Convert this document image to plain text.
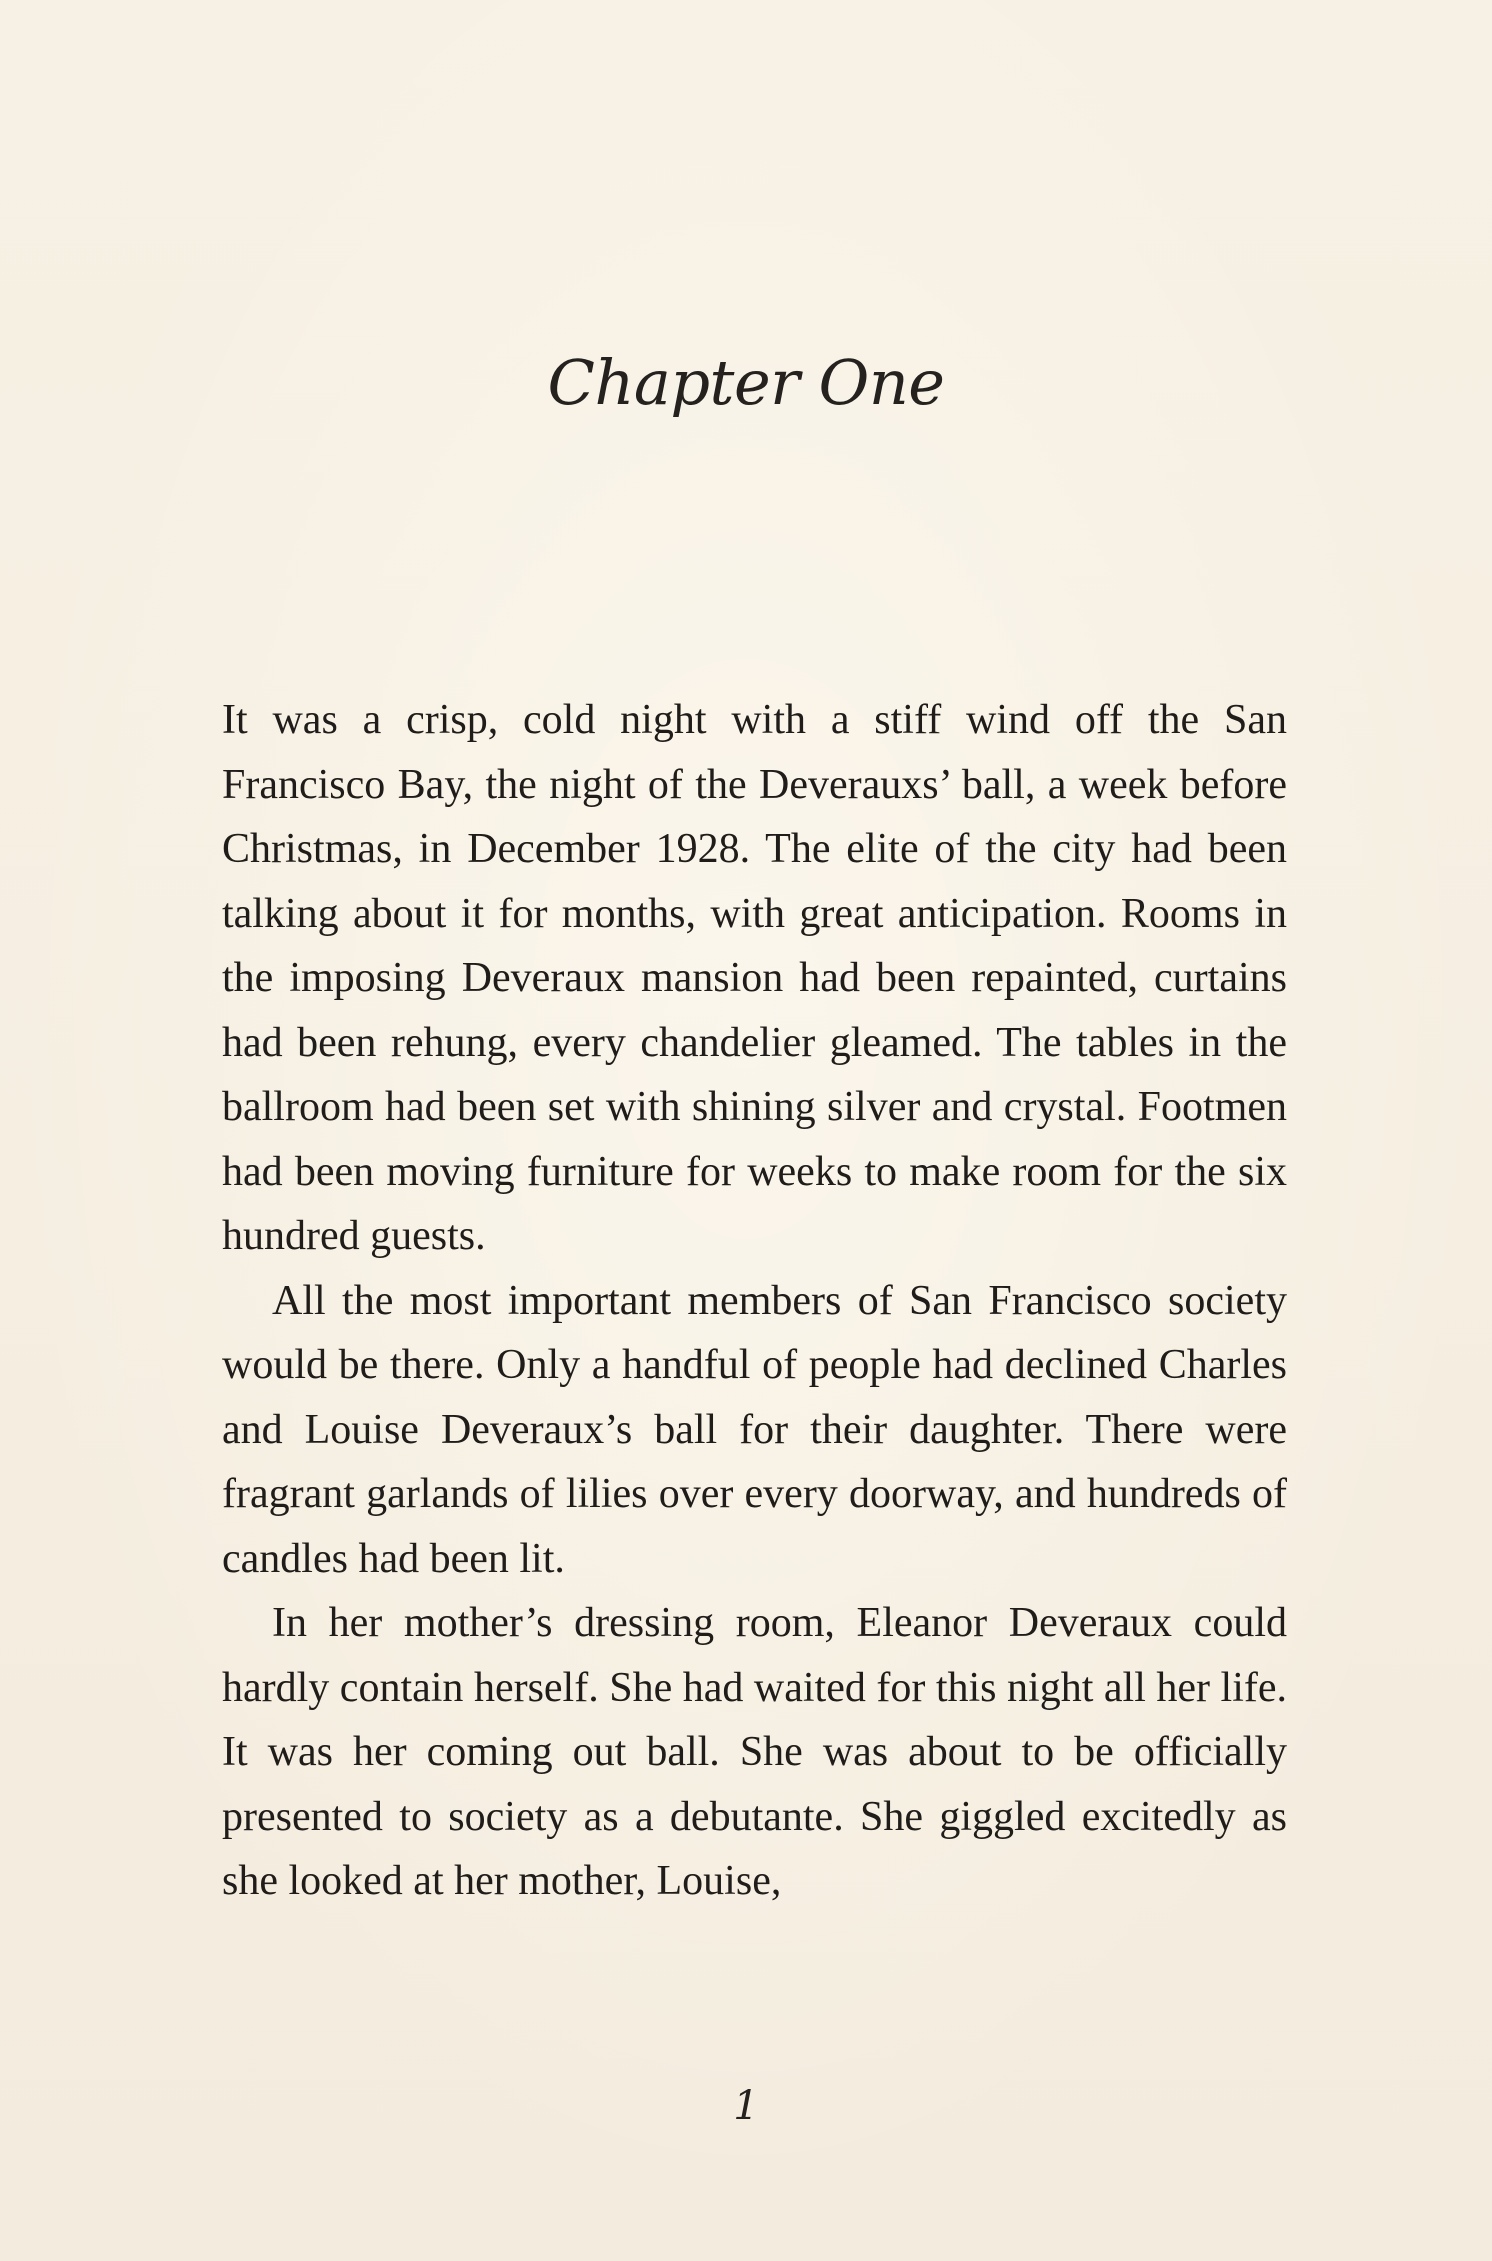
Chapter One

It was a crisp, cold night with a stiff wind off the San Francisco Bay, the night of the Deverauxs’ ball, a week before Christmas, in December 1928. The elite of the city had been talking about it for months, with great anticipation. Rooms in the imposing Deveraux mansion had been repainted, curtains had been rehung, every chandelier gleamed. The tables in the ballroom had been set with shining silver and crystal. Footmen had been moving furniture for weeks to make room for the six hundred guests.

All the most important members of San Francisco society would be there. Only a handful of people had declined Charles and Louise Deveraux’s ball for their daughter. There were fragrant garlands of lilies over every doorway, and hundreds of candles had been lit.

In her mother’s dressing room, Eleanor Deveraux could hardly contain herself. She had waited for this night all her life. It was her coming out ball. She was about to be officially presented to society as a debutante. She giggled excitedly as she looked at her mother, Louise,

1
